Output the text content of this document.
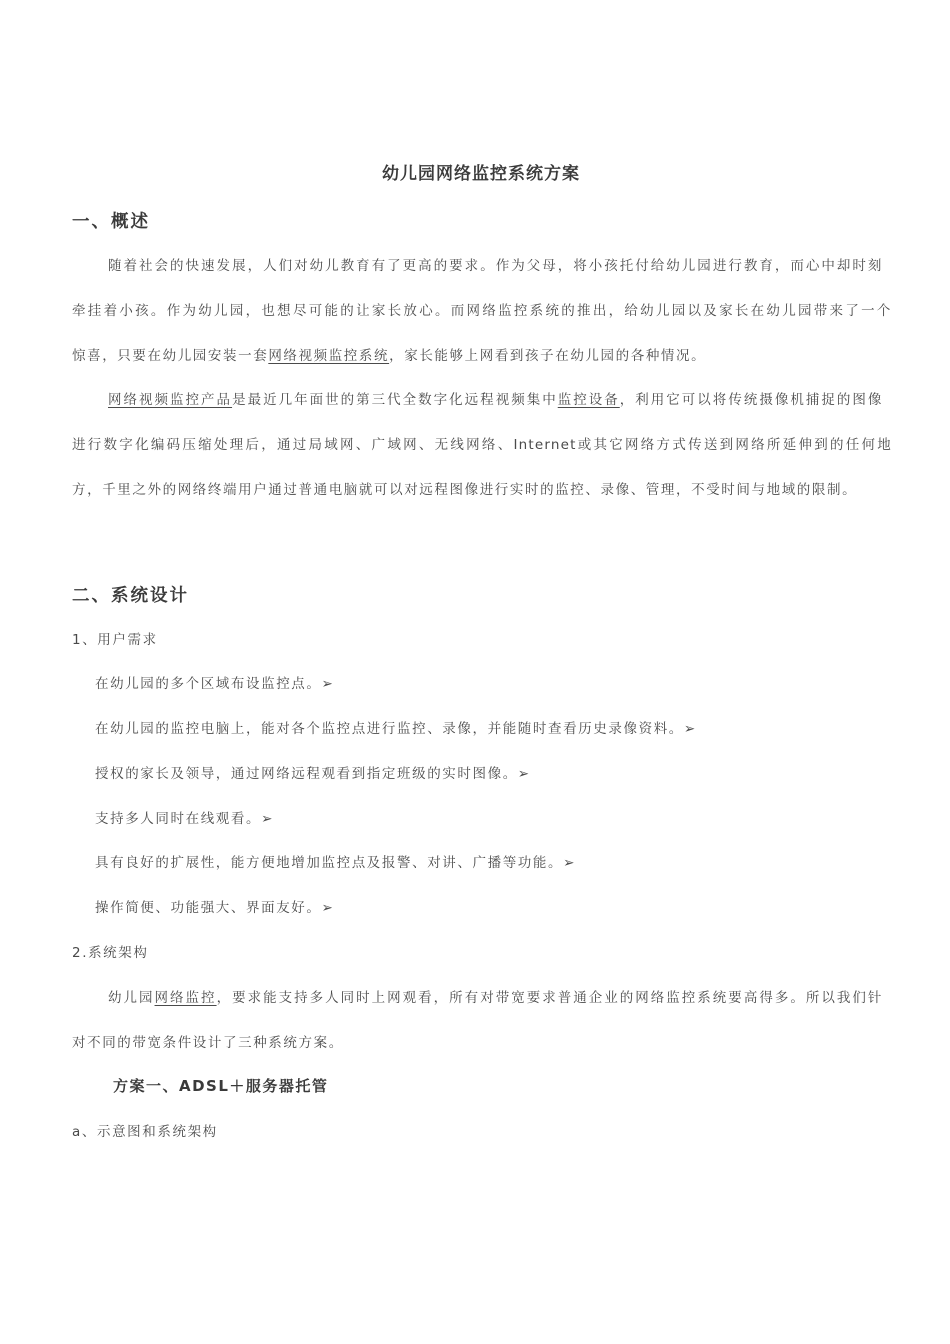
幼儿园网络监控系统方案
一、概述
随着社会的快速发展，人们对幼儿教育有了更高的要求。作为父母，将小孩托付给幼儿园进行教育，而心中却时刻
牵挂着小孩。作为幼儿园，也想尽可能的让家长放心。而网络监控系统的推出，给幼儿园以及家长在幼儿园带来了一个
惊喜，只要在幼儿园安装一套网络视频监控系统，家长能够上网看到孩子在幼儿园的各种情况。
网络视频监控产品是最近几年面世的第三代全数字化远程视频集中监控设备，利用它可以将传统摄像机捕捉的图像
进行数字化编码压缩处理后，通过局域网、广域网、无线网络、Internet或其它网络方式传送到网络所延伸到的任何地
方，千里之外的网络终端用户通过普通电脑就可以对远程图像进行实时的监控、录像、管理，不受时间与地域的限制。
二、系统设计
1、用户需求
在幼儿园的多个区域布设监控点。➢
在幼儿园的监控电脑上，能对各个监控点进行监控、录像，并能随时查看历史录像资料。➢
授权的家长及领导，通过网络远程观看到指定班级的实时图像。➢
支持多人同时在线观看。➢
具有良好的扩展性，能方便地增加监控点及报警、对讲、广播等功能。➢
操作简便、功能强大、界面友好。➢
2.系统架构
幼儿园网络监控，要求能支持多人同时上网观看，所有对带宽要求普通企业的网络监控系统要高得多。所以我们针
对不同的带宽条件设计了三种系统方案。
方案一、ADSL＋服务器托管
a、示意图和系统架构
